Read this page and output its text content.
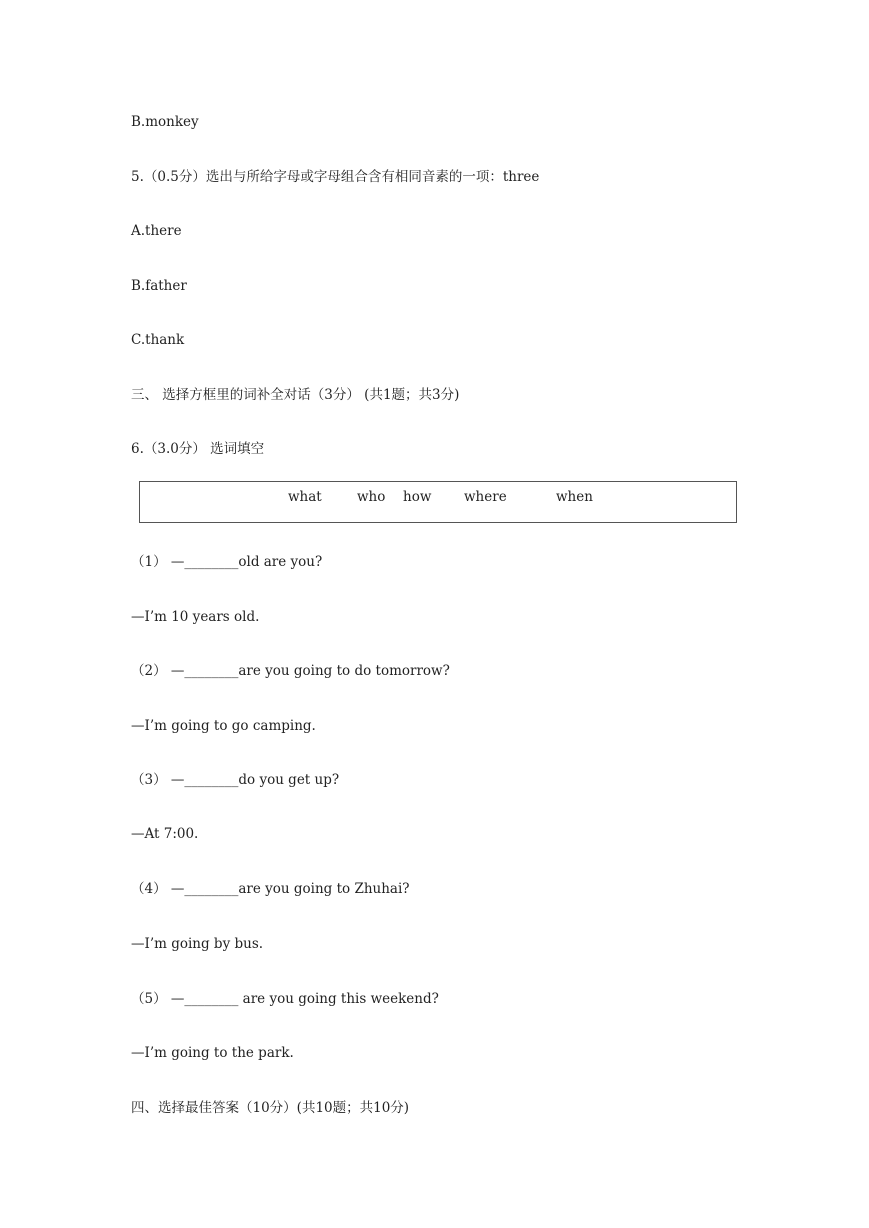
B.monkey
5.（0.5分）选出与所给字母或字母组合含有相同音素的一项：three
A.there
B.father
C.thank
三、 选择方框里的词补全对话（3分） (共1题；共3分)
6.（3.0分） 选词填空
what	who how where	when
（1） —________old are you?
—I’m 10 years old.
（2） —________are you going to do tomorrow?
—I’m going to go camping.
（3） —________do you get up?
—At 7:00.
（4） —________are you going to Zhuhai?
—I’m going by bus.
（5） —________ are you going this weekend?
—I’m going to the park.
四、选择最佳答案（10分）(共10题；共10分)
